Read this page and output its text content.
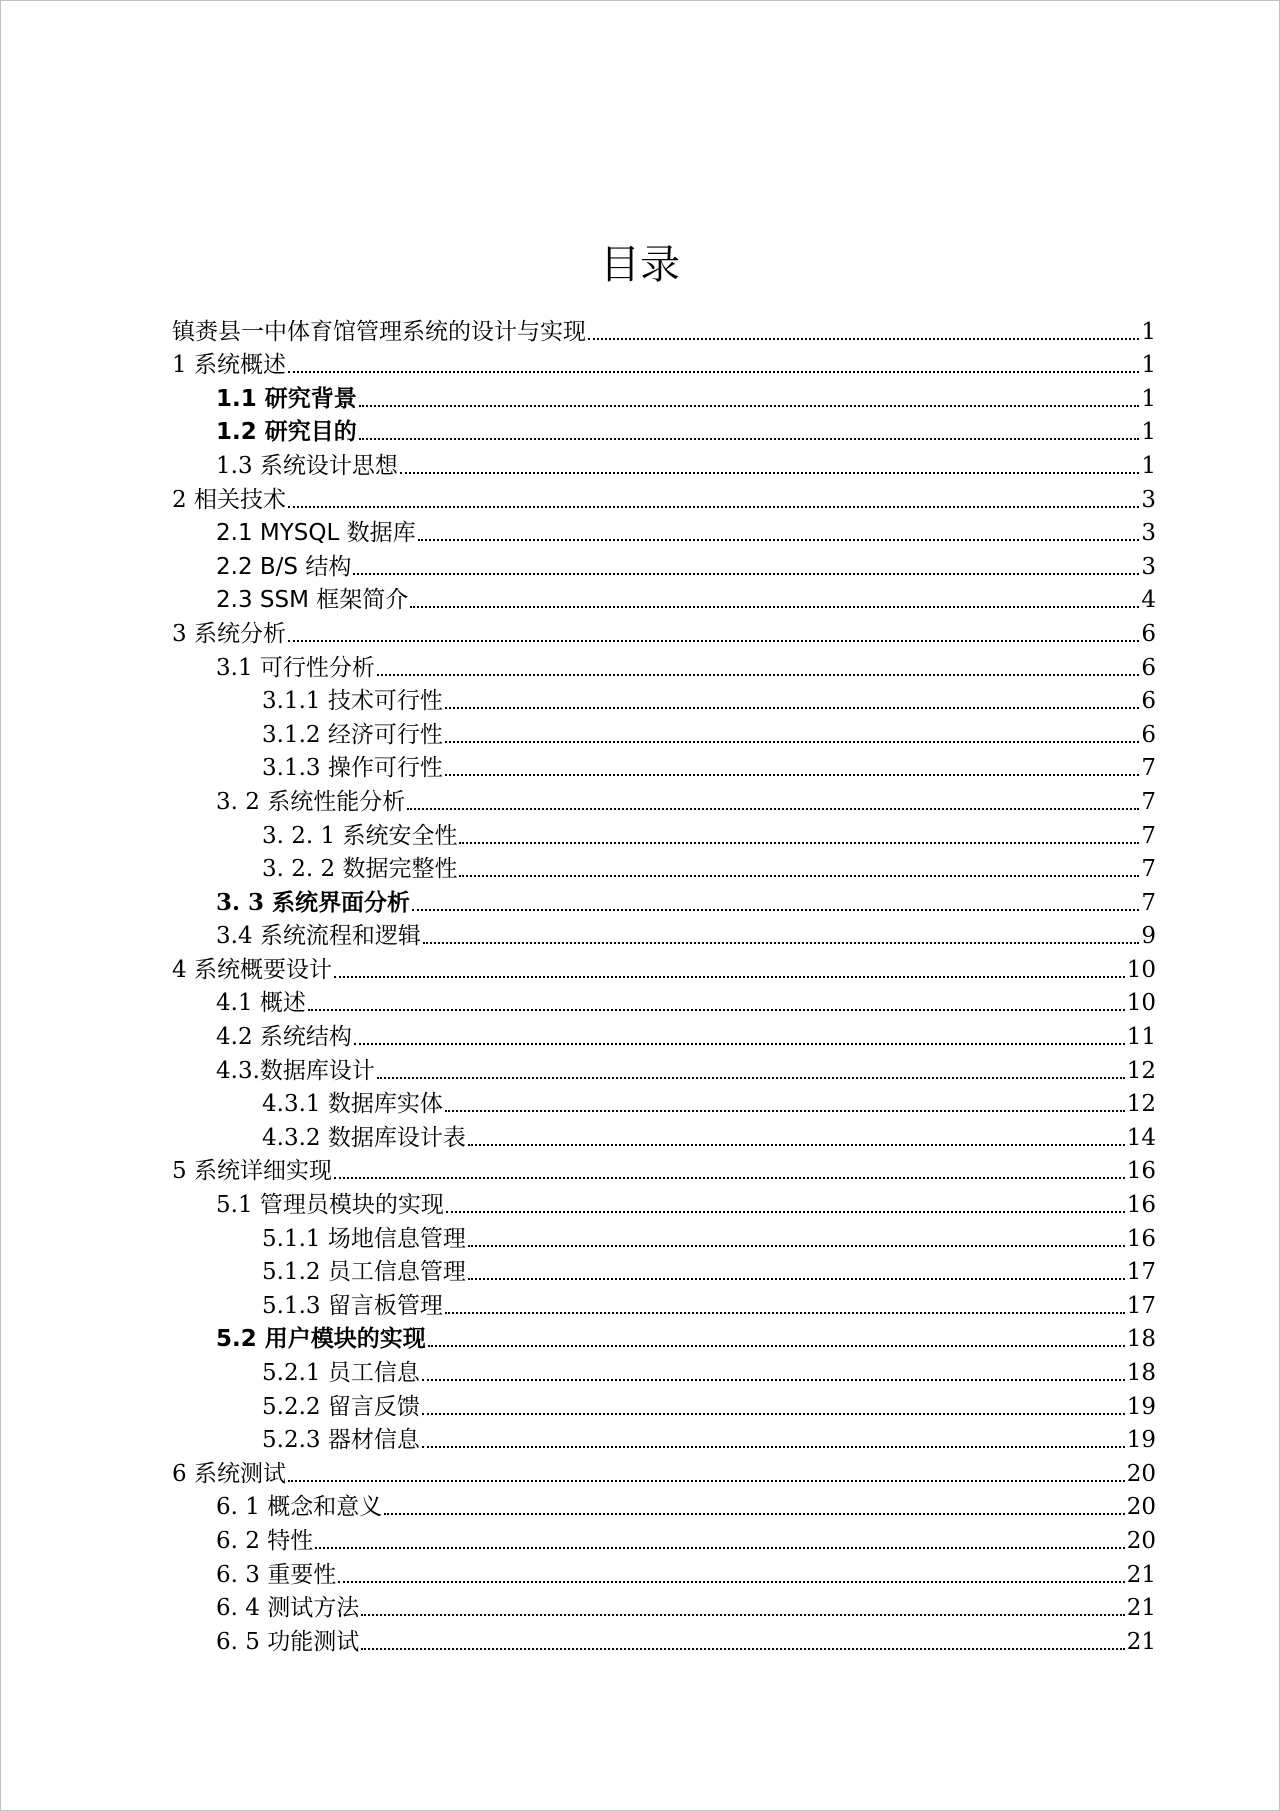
目录
镇赉县一中体育馆管理系统的设计与实现	1
1 系统概述	1
1.1 研究背景	1
1.2 研究目的	1
1.3 系统设计思想	1
2 相关技术	3
2.1 MYSQL 数据库	3
2.2 B/S 结构	3
2.3 SSM 框架简介	4
3 系统分析	6
3.1 可行性分析	6
3.1.1 技术可行性	6
3.1.2 经济可行性	6
3.1.3 操作可行性	7
3. 2 系统性能分析	7
3. 2. 1 系统安全性	7
3. 2. 2 数据完整性	7
3. 3 系统界面分析	7
3.4 系统流程和逻辑	9
4 系统概要设计	10
4.1 概述	10
4.2 系统结构	11
4.3.数据库设计	12
4.3.1 数据库实体	12
4.3.2 数据库设计表	14
5 系统详细实现	16
5.1 管理员模块的实现	16
5.1.1 场地信息管理	16
5.1.2 员工信息管理	17
5.1.3 留言板管理	17
5.2 用户模块的实现	18
5.2.1 员工信息	18
5.2.2 留言反馈	19
5.2.3 器材信息	19
6 系统测试	20
6. 1 概念和意义	20
6. 2 特性	20
6. 3 重要性	21
6. 4 测试方法	21
6. 5 功能测试	21
